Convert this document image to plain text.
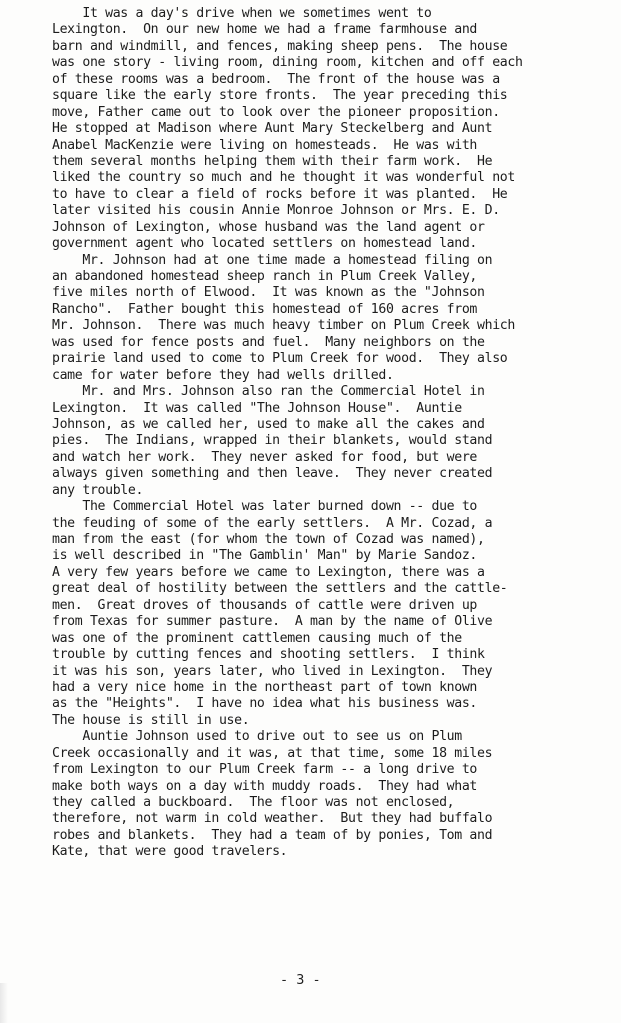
It was a day's drive when we sometimes went to
Lexington.  On our new home we had a frame farmhouse and
barn and windmill, and fences, making sheep pens.  The house
was one story - living room, dining room, kitchen and off each
of these rooms was a bedroom.  The front of the house was a
square like the early store fronts.  The year preceding this
move, Father came out to look over the pioneer proposition.
He stopped at Madison where Aunt Mary Steckelberg and Aunt
Anabel MacKenzie were living on homesteads.  He was with
them several months helping them with their farm work.  He
liked the country so much and he thought it was wonderful not
to have to clear a field of rocks before it was planted.  He
later visited his cousin Annie Monroe Johnson or Mrs. E. D.
Johnson of Lexington, whose husband was the land agent or
government agent who located settlers on homestead land.
Mr. Johnson had at one time made a homestead filing on
an abandoned homestead sheep ranch in Plum Creek Valley,
five miles north of Elwood.  It was known as the "Johnson
Rancho".  Father bought this homestead of 160 acres from
Mr. Johnson.  There was much heavy timber on Plum Creek which
was used for fence posts and fuel.  Many neighbors on the
prairie land used to come to Plum Creek for wood.  They also
came for water before they had wells drilled.
Mr. and Mrs. Johnson also ran the Commercial Hotel in
Lexington.  It was called "The Johnson House".  Auntie
Johnson, as we called her, used to make all the cakes and
pies.  The Indians, wrapped in their blankets, would stand
and watch her work.  They never asked for food, but were
always given something and then leave.  They never created
any trouble.
The Commercial Hotel was later burned down -- due to
the feuding of some of the early settlers.  A Mr. Cozad, a
man from the east (for whom the town of Cozad was named),
is well described in "The Gamblin' Man" by Marie Sandoz.
A very few years before we came to Lexington, there was a
great deal of hostility between the settlers and the cattle-
men.  Great droves of thousands of cattle were driven up
from Texas for summer pasture.  A man by the name of Olive
was one of the prominent cattlemen causing much of the
trouble by cutting fences and shooting settlers.  I think
it was his son, years later, who lived in Lexington.  They
had a very nice home in the northeast part of town known
as the "Heights".  I have no idea what his business was.
The house is still in use.
Auntie Johnson used to drive out to see us on Plum
Creek occasionally and it was, at that time, some 18 miles
from Lexington to our Plum Creek farm -- a long drive to
make both ways on a day with muddy roads.  They had what
they called a buckboard.  The floor was not enclosed,
therefore, not warm in cold weather.  But they had buffalo
robes and blankets.  They had a team of by ponies, Tom and
Kate, that were good travelers.
- 3 -
